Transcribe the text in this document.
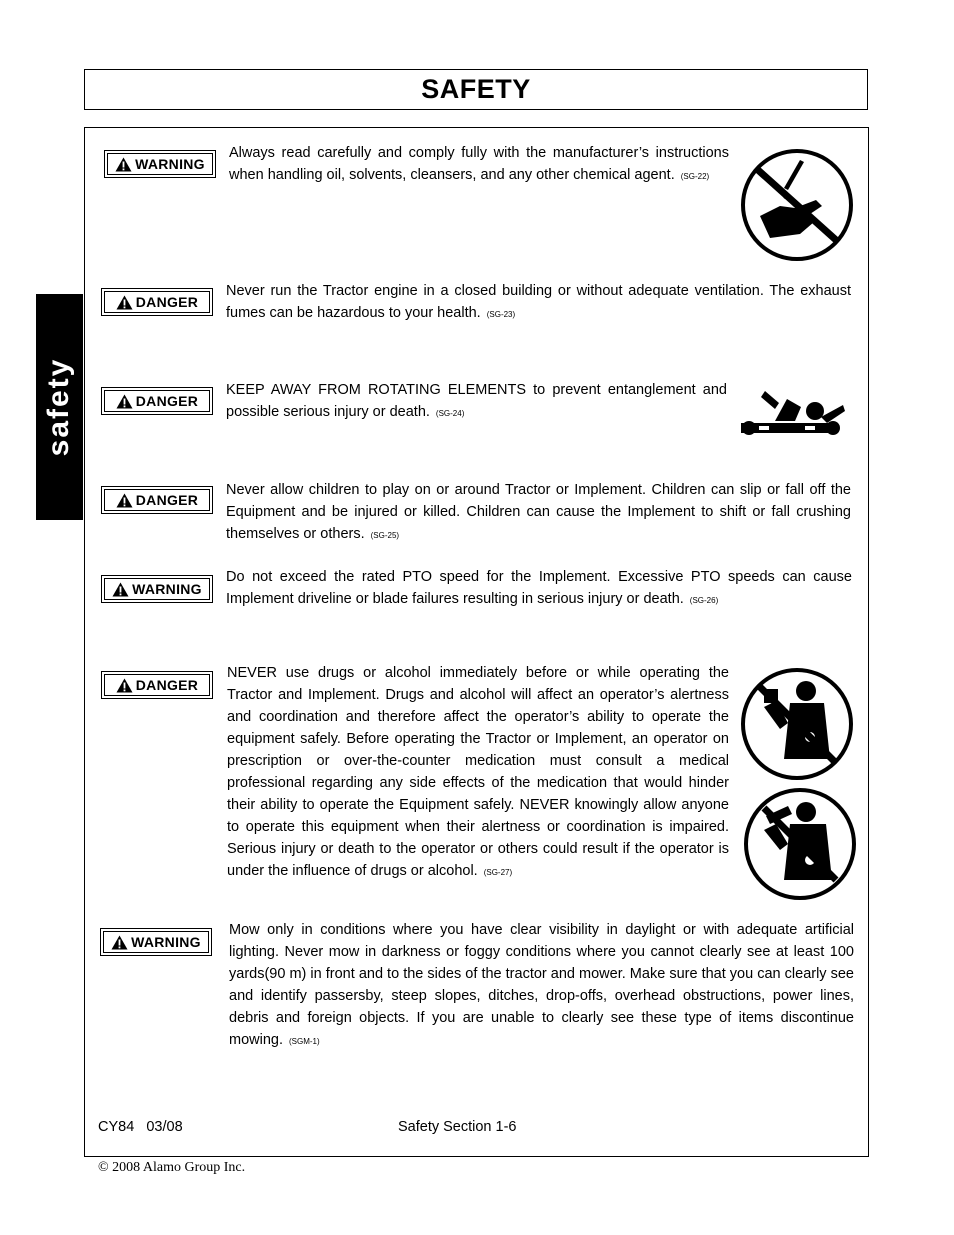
SAFETY
safety
WARNING

Always read carefully and comply fully with the manufacturer’s instructions when handling oil, solvents, cleansers, and any other chemical agent. (SG-22)

DANGER

Never run the Tractor engine in a closed building or without adequate ventilation. The exhaust fumes can be hazardous to your health. (SG-23)

DANGER

KEEP AWAY FROM ROTATING ELEMENTS to prevent entanglement and possible serious injury or death. (SG-24)

DANGER

Never allow children to play on or around Tractor or Implement. Children can slip or fall off the Equipment and be injured or killed. Children can cause the Implement to shift or fall crushing themselves or others. (SG-25)

WARNING

Do not exceed the rated PTO speed for the Implement. Excessive PTO speeds can cause Implement driveline or blade failures resulting in serious injury or death. (SG-26)

DANGER

NEVER use drugs or alcohol immediately before or while operating the Tractor and Implement. Drugs and alcohol will affect an operator’s alertness and coordination and therefore affect the operator’s ability to operate the equipment safely. Before operating the Tractor or Implement, an operator on prescription or over-the-counter medication must consult a medical professional regarding any side effects of the medication that would hinder their ability to operate the Equipment safely. NEVER knowingly allow anyone to operate this equipment when their alertness or coordination is impaired. Serious injury or death to the operator or others could result if the operator is under the influence of drugs or alcohol. (SG-27)

WARNING

Mow only in conditions where you have clear visibility in daylight or with adequate artificial lighting. Never mow in darkness or foggy conditions where you cannot clearly see at least 100 yards(90 m) in front and to the sides of the tractor and mower. Make sure that you can clearly see and identify passersby, steep slopes, ditches, drop-offs, overhead obstructions, power lines, debris and foreign objects. If you are unable to clearly see these type of items discontinue mowing. (SGM-1)

CY84   03/08	Safety Section 1-6
© 2008 Alamo Group Inc.
